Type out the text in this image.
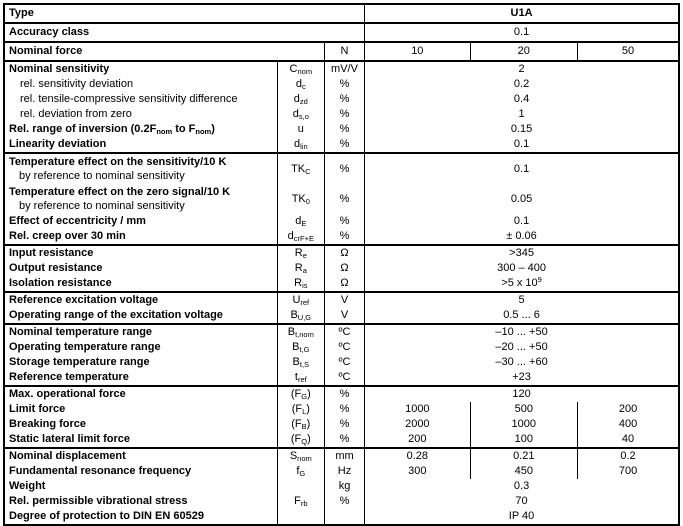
Type			U1A		
Accuracy class			0.1		
Nominal force		N	10	20	50
Nominal sensitivity	$C_{nom}$	mV/V	2		
rel. sensitivity deviation	$d_c$	%	0.2		
rel. tensile-compressive sensitivity difference	$d_{zd}$	%	0.4		
rel. deviation from zero	$d_{s,o}$	%	1		
Rel. range of inversion ($0.2F_{nom}$ to $F_{nom}$)	u	%	0.15		
Linearity deviation	$d_{lin}$	%	0.1		

Temperature effect on the sensitivity/10 K
by reference to nominal sensitivity	$TK_C$	%	0.1		

Temperature effect on the zero signal/10 K
by reference to nominal sensitivity	$TK_0$	%	0.05		
Effect of eccentricity / mm	$d_E$	%	0.1		
Rel. creep over 30 min	$d_{crF+E}$	%	± 0.06		
Input resistance	$R_e$	Ω	>345		
Output resistance	$R_a$	Ω	300 – 400		
Isolation resistance	$R_{is}$	Ω	>5 x $10^9$
Reference excitation voltage	$U_{ref}$	V	5		
Operating range of the excitation voltage	$B_{U,G}$	V	0.5 ... 6		
Nominal temperature range	$B_{t,nom}$	ºC	–10 ... +50		
Operating temperature range	$B_{t,G}$	ºC	–20 ... +50		
Storage temperature range	$B_{t,S}$	ºC	–30 ... +60		
Reference temperature	$t_{ref}$	ºC	+23		
Max. operational force	$(F_G)$	%	120		
Limit force	$(F_L)$	%	1000	500	200
Breaking force	$(F_B)$	%	2000	1000	400
Static lateral limit force	$(F_Q)$	%	200	100	40
Nominal displacement	$S_{nom}$	mm	0.28	0.21	0.2
Fundamental resonance frequency	$f_G$	Hz	300	450	700
Weight		kg	0.3		
Rel. permissible vibrational stress	$F_{rb}$	%	70		
Degree of protection to DIN EN 60529			IP 40		
